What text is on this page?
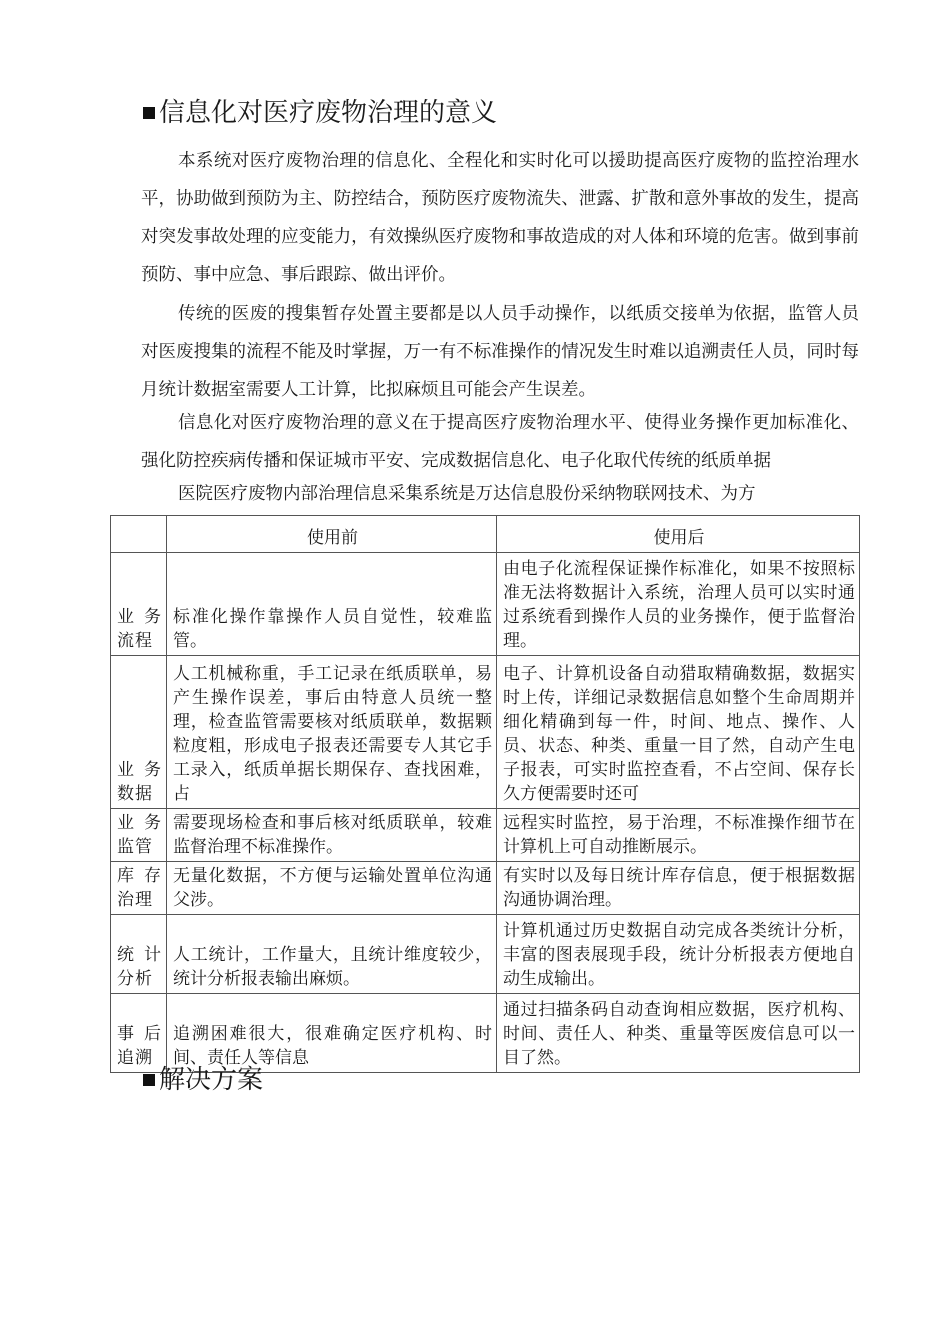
信息化对医疗废物治理的意义

本系统对医疗废物治理的信息化、全程化和实时化可以援助提高医疗废物的监控治理水平，协助做到预防为主、防控结合，预防医疗废物流失、泄露、扩散和意外事故的发生，提高对突发事故处理的应变能力，有效操纵医疗废物和事故造成的对人体和环境的危害。做到事前预防、事中应急、事后跟踪、做出评价。

传统的医废的搜集暂存处置主要都是以人员手动操作，以纸质交接单为依据，监管人员对医废搜集的流程不能及时掌握，万一有不标准操作的情况发生时难以追溯责任人员，同时每月统计数据室需要人工计算，比拟麻烦且可能会产生误差。

信息化对医疗废物治理的意义在于提高医疗废物治理水平、使得业务操作更加标准化、强化防控疾病传播和保证城市平安、完成数据信息化、电子化取代传统的纸质单据

医院医疗废物内部治理信息采集系统是万达信息股份采纳物联网技术、为方

	使用前	使用后
业务流程	标准化操作靠操作人员自觉性，较难监管。	由电子化流程保证操作标准化，如果不按照标准无法将数据计入系统，治理人员可以实时通过系统看到操作人员的业务操作，便于监督治理。
业务数据	人工机械称重，手工记录在纸质联单，易产生操作误差，事后由特意人员统一整理，检查监管需要核对纸质联单，数据颗粒度粗，形成电子报表还需要专人其它手工录入，纸质单据长期保存、查找困难，占	电子、计算机设备自动猎取精确数据，数据实时上传，详细记录数据信息如整个生命周期并细化精确到每一件，时间、地点、操作、人员、状态、种类、重量一目了然，自动产生电子报表，可实时监控查看，不占空间、保存长久方便需要时还可

业务监管	需要现场检查和事后核对纸质联单，较难监督治理不标准操作。	远程实时监控，易于治理，不标准操作细节在计算机上可自动推断展示。
库存治理	无量化数据，不方便与运输处置单位沟通父涉。	有实时以及每日统计库存信息，便于根据数据沟通协调治理。
统计分析	人工统计，工作量大，且统计维度较少，统计分析报表输出麻烦。	计算机通过历史数据自动完成各类统计分析，丰富的图表展现手段，统计分析报表方便地自动生成输出。
事后追溯	追溯困难很大，很难确定医疗机构、时间、责任人等信息	通过扫描条码自动查询相应数据，医疗机构、时间、责任人、种类、重量等医废信息可以一目了然。
解决方案
